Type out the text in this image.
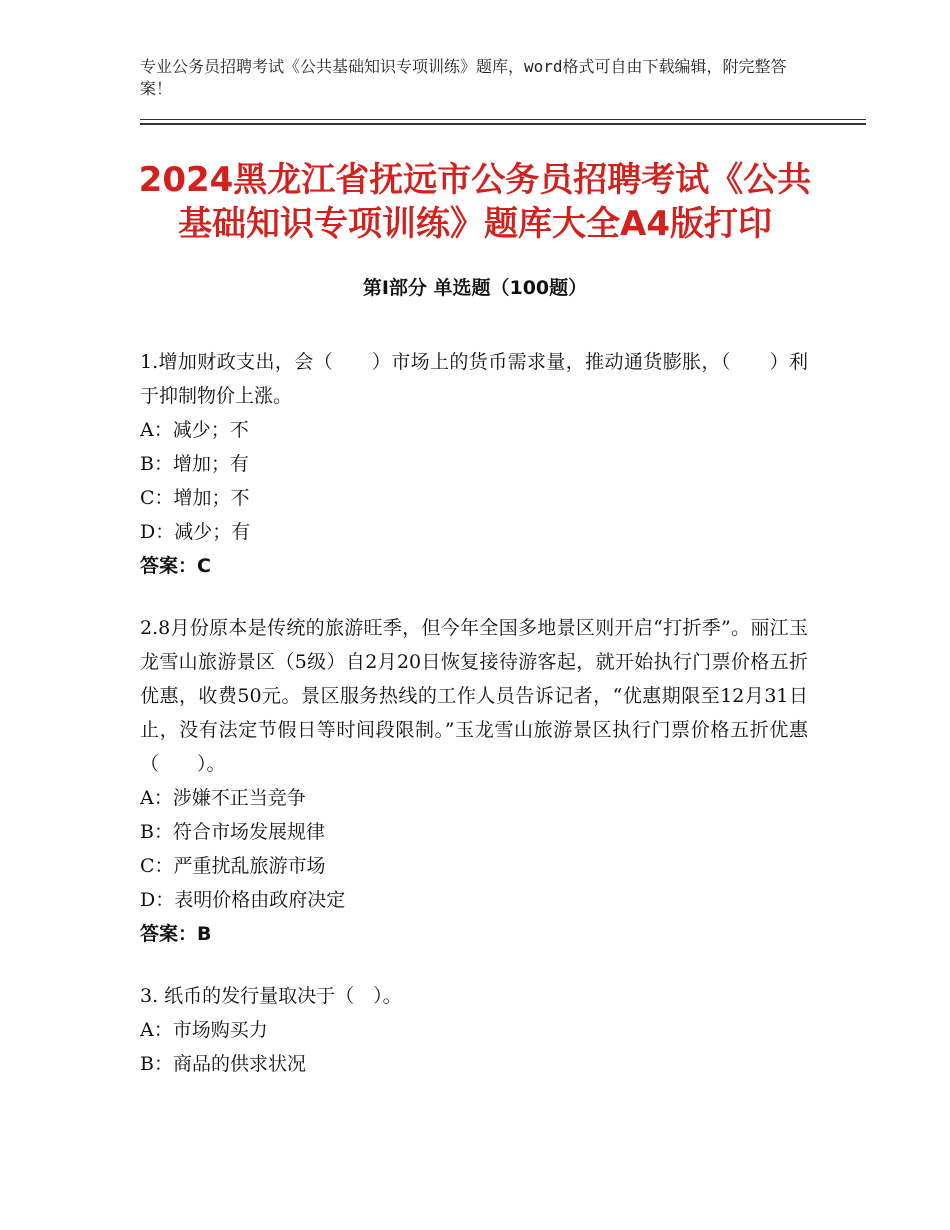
专业公务员招聘考试《公共基础知识专项训练》题库，word格式可自由下载编辑，附完整答案！
2024黑龙江省抚远市公务员招聘考试《公共
基础知识专项训练》题库大全A4版打印
第Ⅰ部分 单选题（100题）

1.增加财政支出，会（　　）市场上的货币需求量，推动通货膨胀，（　　）利于抑制物价上涨。

A：减少；不

B：增加；有

C：增加；不

D：减少；有

答案：C

2.8月份原本是传统的旅游旺季，但今年全国多地景区则开启“打折季”。丽江玉龙雪山旅游景区（5级）自2月20日恢复接待游客起，就开始执行门票价格五折优惠，收费50元。景区服务热线的工作人员告诉记者，“优惠期限至12月31日止，没有法定节假日等时间段限制。”玉龙雪山旅游景区执行门票价格五折优惠（　　）。

A：涉嫌不正当竞争

B：符合市场发展规律

C：严重扰乱旅游市场

D：表明价格由政府决定

答案：B

3. 纸币的发行量取决于（　）。

A：市场购买力

B：商品的供求状况
